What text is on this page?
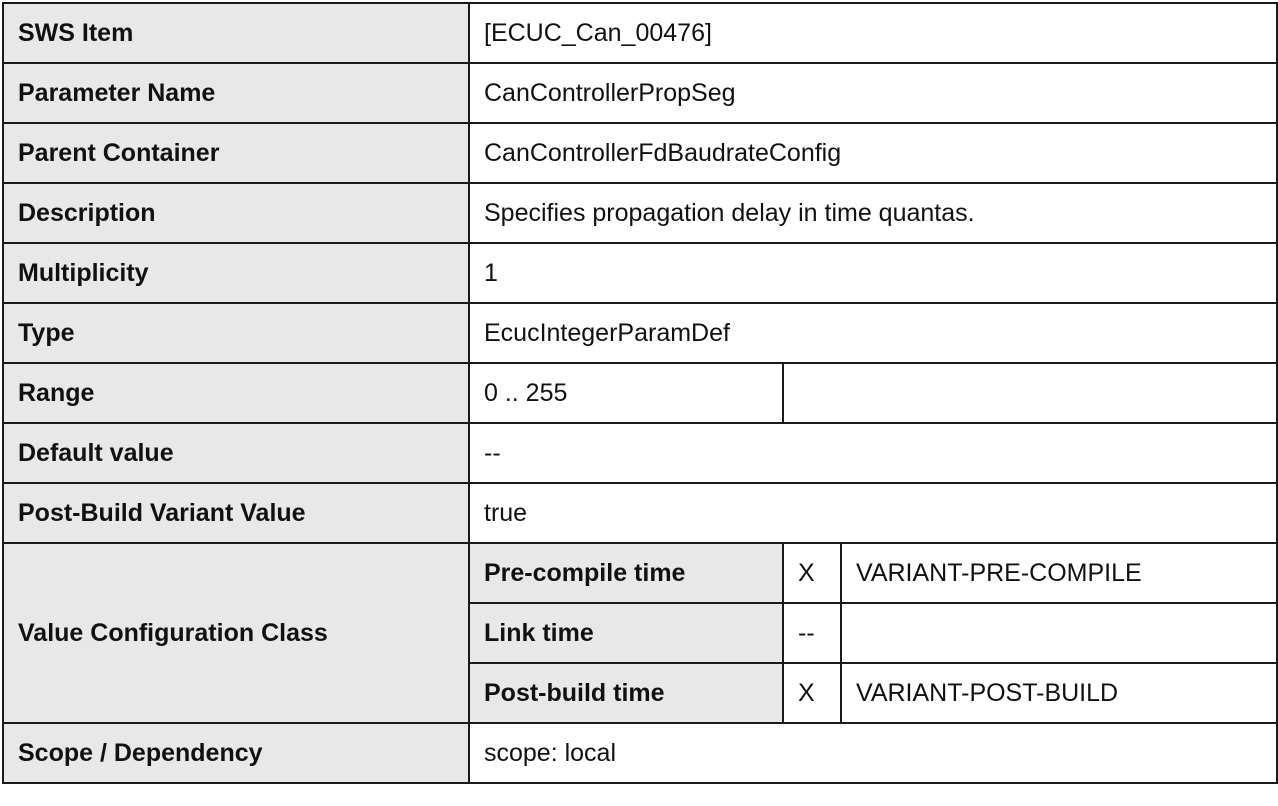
SWS Item	[ECUC_Can_00476]		
Parameter Name	CanControllerPropSeg		
Parent Container	CanControllerFdBaudrateConfig		
Description	Specifies propagation delay in time quantas.		
Multiplicity	1		
Type	EcucIntegerParamDef		
Range	0 .. 255		
Default value	--		
Post-Build Variant Value	true		
Value Configuration Class	Pre-compile time	X	VARIANT-PRE-COMPILE
	Link time	--	
	Post-build time	X	VARIANT-POST-BUILD
Scope / Dependency	scope: local		
